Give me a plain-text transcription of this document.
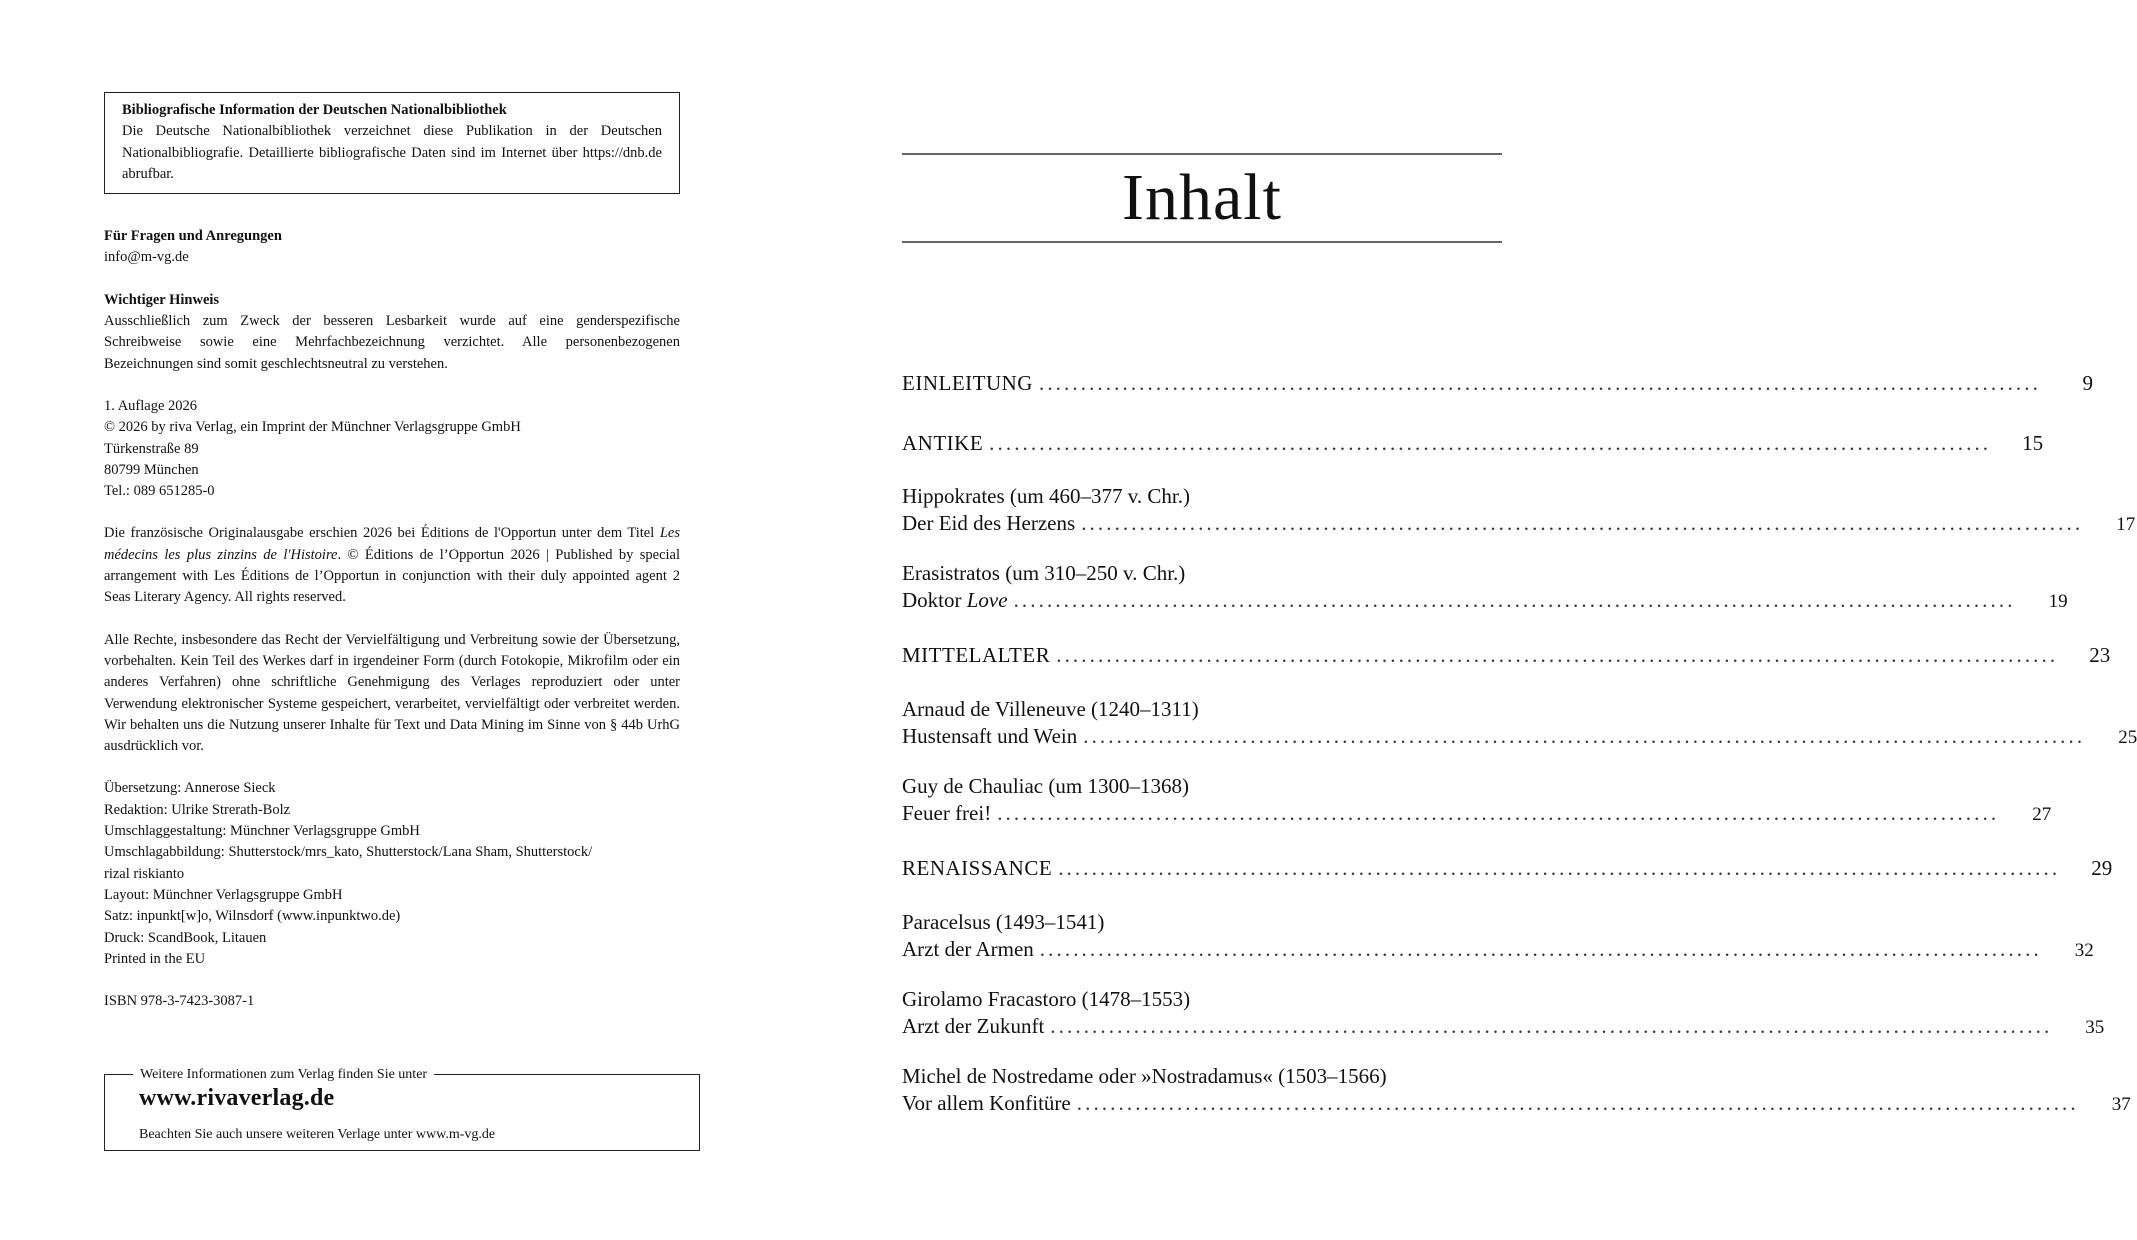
Bibliografische Information der Deutschen Nationalbibliothek
Die Deutsche Nationalbibliothek verzeichnet diese Publikation in der Deutschen Nationalbibliografie. Detaillierte bibliografische Daten sind im Internet über https://dnb.de abrufbar.
Für Fragen und Anregungen
info@m-vg.de
Wichtiger Hinweis
Ausschließlich zum Zweck der besseren Lesbarkeit wurde auf eine genderspezifische Schreibweise sowie eine Mehrfachbezeichnung verzichtet. Alle personenbezogenen Bezeichnungen sind somit geschlechtsneutral zu verstehen.
1. Auflage 2026
© 2026 by riva Verlag, ein Imprint der Münchner Verlagsgruppe GmbH
Türkenstraße 89
80799 München
Tel.: 089 651285-0
Die französische Originalausgabe erschien 2026 bei Éditions de l'Opportun unter dem Titel Les médecins les plus zinzins de l'Histoire. © Éditions de l’Opportun 2026 | Published by special arrangement with Les Éditions de l’Opportun in conjunction with their duly appointed agent 2 Seas Literary Agency. All rights reserved.
Alle Rechte, insbesondere das Recht der Vervielfältigung und Verbreitung sowie der Übersetzung, vorbehalten. Kein Teil des Werkes darf in irgendeiner Form (durch Fotokopie, Mikrofilm oder ein anderes Verfahren) ohne schriftliche Genehmigung des Verlages reproduziert oder unter Verwendung elektronischer Systeme gespeichert, verarbeitet, vervielfältigt oder verbreitet werden. Wir behalten uns die Nutzung unserer Inhalte für Text und Data Mining im Sinne von § 44b UrhG ausdrücklich vor.
Übersetzung: Annerose Sieck
Redaktion: Ulrike Strerath-Bolz
Umschlaggestaltung: Münchner Verlagsgruppe GmbH
Umschlagabbildung: Shutterstock/mrs_kato, Shutterstock/Lana Sham, Shutterstock/
rizal riskianto
Layout: Münchner Verlagsgruppe GmbH
Satz: inpunkt[w]o, Wilnsdorf (www.inpunktwo.de)
Druck: ScandBook, Litauen
Printed in the EU
ISBN 978-3-7423-3087-1
Weitere Informationen zum Verlag finden Sie unter
www.rivaverlag.de
Beachten Sie auch unsere weiteren Verlage unter www.m-vg.de
Inhalt
EINLEITUNG ........................................................................................................................	9
ANTIKE ........................................................................................................................	15
Hippokrates (um 460–377 v. Chr.)
Der Eid des Herzens ........................................................................................................................	17
Erasistratos (um 310–250 v. Chr.)
Doktor Love ........................................................................................................................	19
MITTELALTER ........................................................................................................................	23
Arnaud de Villeneuve (1240–1311)
Hustensaft und Wein ........................................................................................................................	25
Guy de Chauliac (um 1300–1368)
Feuer frei! ........................................................................................................................	27
RENAISSANCE ........................................................................................................................	29
Paracelsus (1493–1541)
Arzt der Armen ........................................................................................................................	32
Girolamo Fracastoro (1478–1553)
Arzt der Zukunft ........................................................................................................................	35
Michel de Nostredame oder »Nostradamus« (1503–1566)
Vor allem Konfitüre ........................................................................................................................	37
